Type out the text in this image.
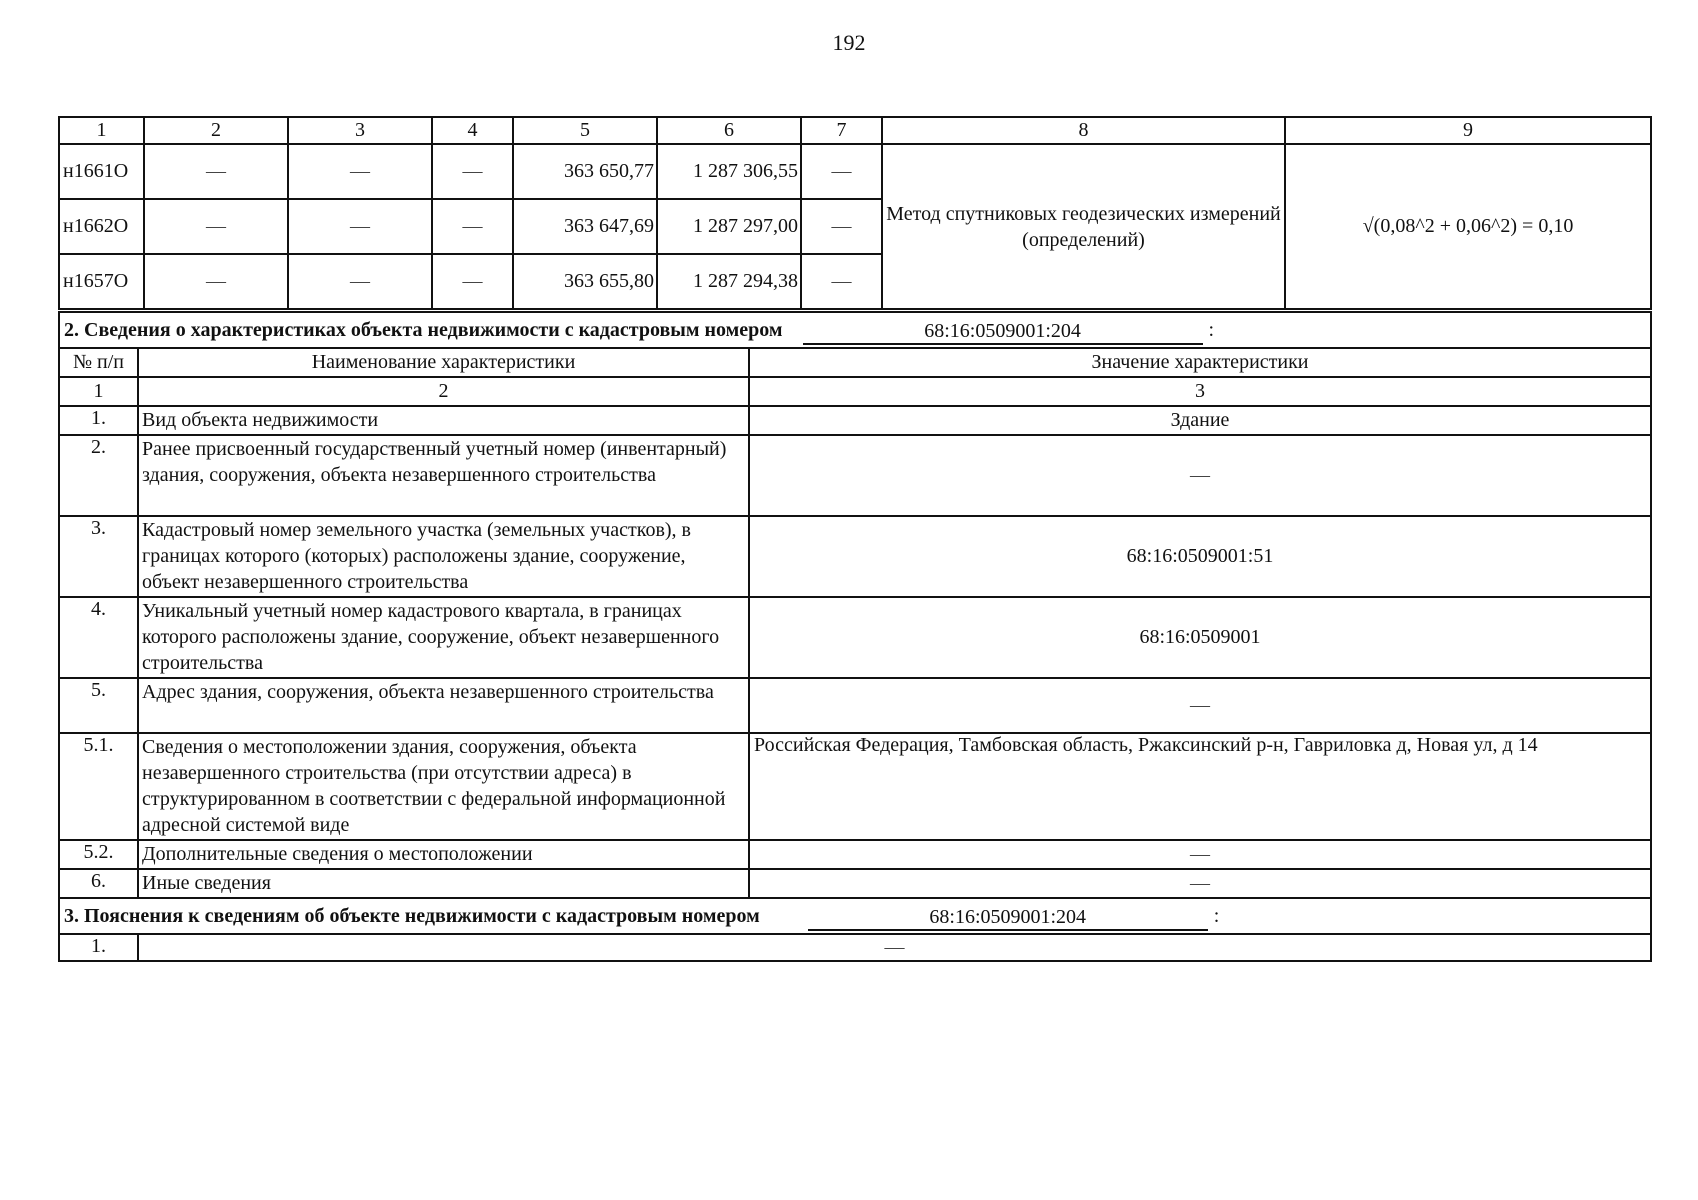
192
1	2	3	4	5	6	7	8	9
н1661О	—	—	—	363 650,77	1 287 306,55	—	Метод спутниковых геодезических измерений (определений)	√(0,08^2 + 0,06^2) = 0,10
н1662О	—	—	—	363 647,69	1 287 297,00	—		
н1657О	—	—	—	363 655,80	1 287 294,38	—		
2. Сведения о характеристиках объекта недвижимости с кадастровым номером 68:16:0509001:204 :		

№ п/п	Наименование характеристики	Значение характеристики
1	2	3
1.	Вид объекта недвижимости	Здание
2.	Ранее присвоенный государственный учетный номер (инвентарный) здания, сооружения, объекта незавершенного строительства	—
3.	Кадастровый номер земельного участка (земельных участков), в границах которого (которых) расположены здание, сооружение, объект незавершенного строительства	68:16:0509001:51
4.	Уникальный учетный номер кадастрового квартала, в границах которого расположены здание, сооружение, объект незавершенного строительства	68:16:0509001
5.	Адрес здания, сооружения, объекта незавершенного строительства	—
5.1.	Сведения о местоположении здания, сооружения, объекта незавершенного строительства (при отсутствии адреса) в структурированном в соответствии с федеральной информационной адресной системой виде	Российская Федерация, Тамбовская область, Ржаксинский р-н, Гавриловка д, Новая ул, д 14
5.2.	Дополнительные сведения о местоположении	—
6.	Иные сведения	—

3. Пояснения к сведениям об объекте недвижимости с кадастровым номером 68:16:0509001:204 :		

1.	—	
